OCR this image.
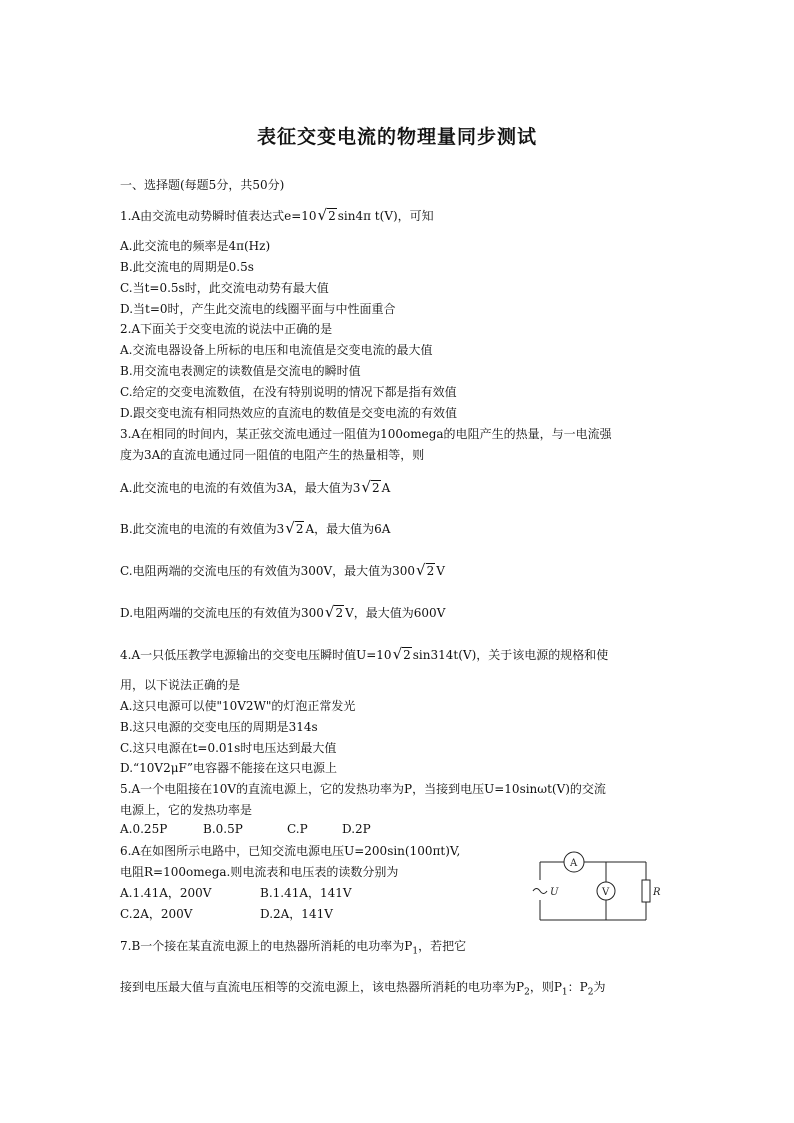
表征交变电流的物理量同步测试
一、选择题(每题5分，共50分)
1.A由交流电动势瞬时值表达式e=10√2 sin4π t(V)，可知
A.此交流电的频率是4π(Hz)
B.此交流电的周期是0.5s
C.当t=0.5s时，此交流电动势有最大值
D.当t=0时，产生此交流电的线圈平面与中性面重合
2.A下面关于交变电流的说法中正确的是
A.交流电器设备上所标的电压和电流值是交变电流的最大值
B.用交流电表测定的读数值是交流电的瞬时值
C.给定的交变电流数值，在没有特别说明的情况下都是指有效值
D.跟交变电流有相同热效应的直流电的数值是交变电流的有效值
3.A在相同的时间内，某正弦交流电通过一阻值为100omega的电阻产生的热量，与一电流强
度为3A的直流电通过同一阻值的电阻产生的热量相等，则
A.此交流电的电流的有效值为3A，最大值为3√2 A
B.此交流电的电流的有效值为3√2 A，最大值为6A
C.电阻两端的交流电压的有效值为300V，最大值为300√2 V
D.电阻两端的交流电压的有效值为300√2 V，最大值为600V
4.A一只低压教学电源输出的交变电压瞬时值U=10√2 sin314t(V)，关于该电源的规格和使
用，以下说法正确的是
A.这只电源可以使"10V2W"的灯泡正常发光
B.这只电源的交变电压的周期是314s
C.这只电源在t=0.01s时电压达到最大值
D.“10V2μF”电容器不能接在这只电源上
5.A一个电阻接在10V的直流电源上，它的发热功率为P，当接到电压U=10sinωt(V)的交流
电源上，它的发热功率是
A.0.25P	B.0.5P	C.P	D.2P
6.A在如图所示电路中，已知交流电源电压U=200sin(100πt)V,
电阻R=100omega.则电流表和电压表的读数分别为
A.1.41A，200V	B.1.41A，141V
C.2A，200V	D.2A，141V
A
V	R
U
7.B一个接在某直流电源上的电热器所消耗的电功率为$P_1$，若把它
接到电压最大值与直流电压相等的交流电源上，该电热器所消耗的电功率为$P_2$，则$P_1$：$P_2$为
